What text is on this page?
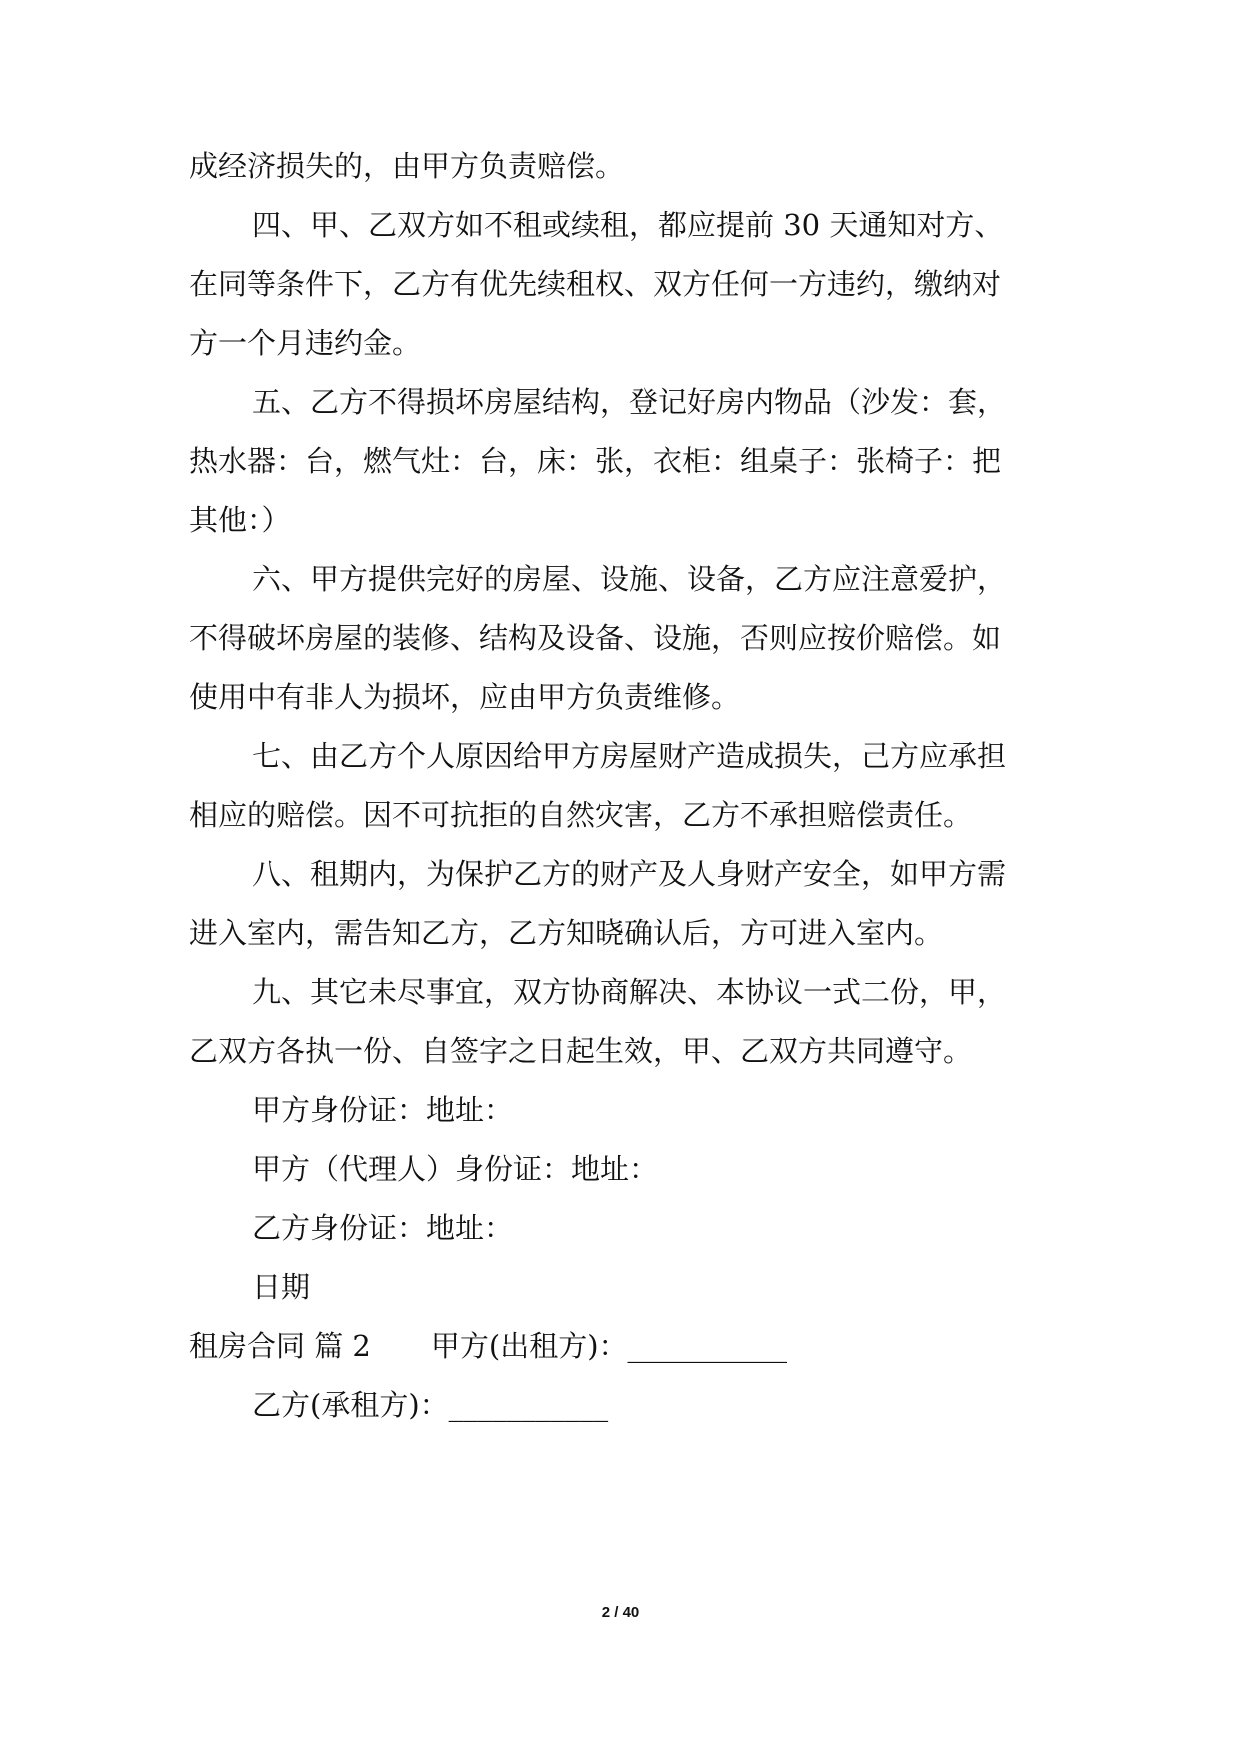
成经济损失的，由甲方负责赔偿。
四、甲、乙双方如不租或续租，都应提前 30 天通知对方、
在同等条件下，乙方有优先续租权、双方任何一方违约，缴纳对
方一个月违约金。
五、乙方不得损坏房屋结构，登记好房内物品（沙发：套，
热水器：台，燃气灶：台，床：张，衣柜：组桌子：张椅子：把
其他：）
六、甲方提供完好的房屋、设施、设备，乙方应注意爱护，
不得破坏房屋的装修、结构及设备、设施，否则应按价赔偿。如
使用中有非人为损坏，应由甲方负责维修。
七、由乙方个人原因给甲方房屋财产造成损失，己方应承担
相应的赔偿。因不可抗拒的自然灾害，乙方不承担赔偿责任。
八、租期内，为保护乙方的财产及人身财产安全，如甲方需
进入室内，需告知乙方，乙方知晓确认后，方可进入室内。
九、其它未尽事宜，双方协商解决、本协议一式二份，甲，
乙双方各执一份、自签字之日起生效，甲、乙双方共同遵守。
甲方身份证：地址：
甲方（代理人）身份证：地址：
乙方身份证：地址：
日期
租房合同 篇 2 甲方(出租方)：___________
乙方(承租方)：___________
2 / 40
